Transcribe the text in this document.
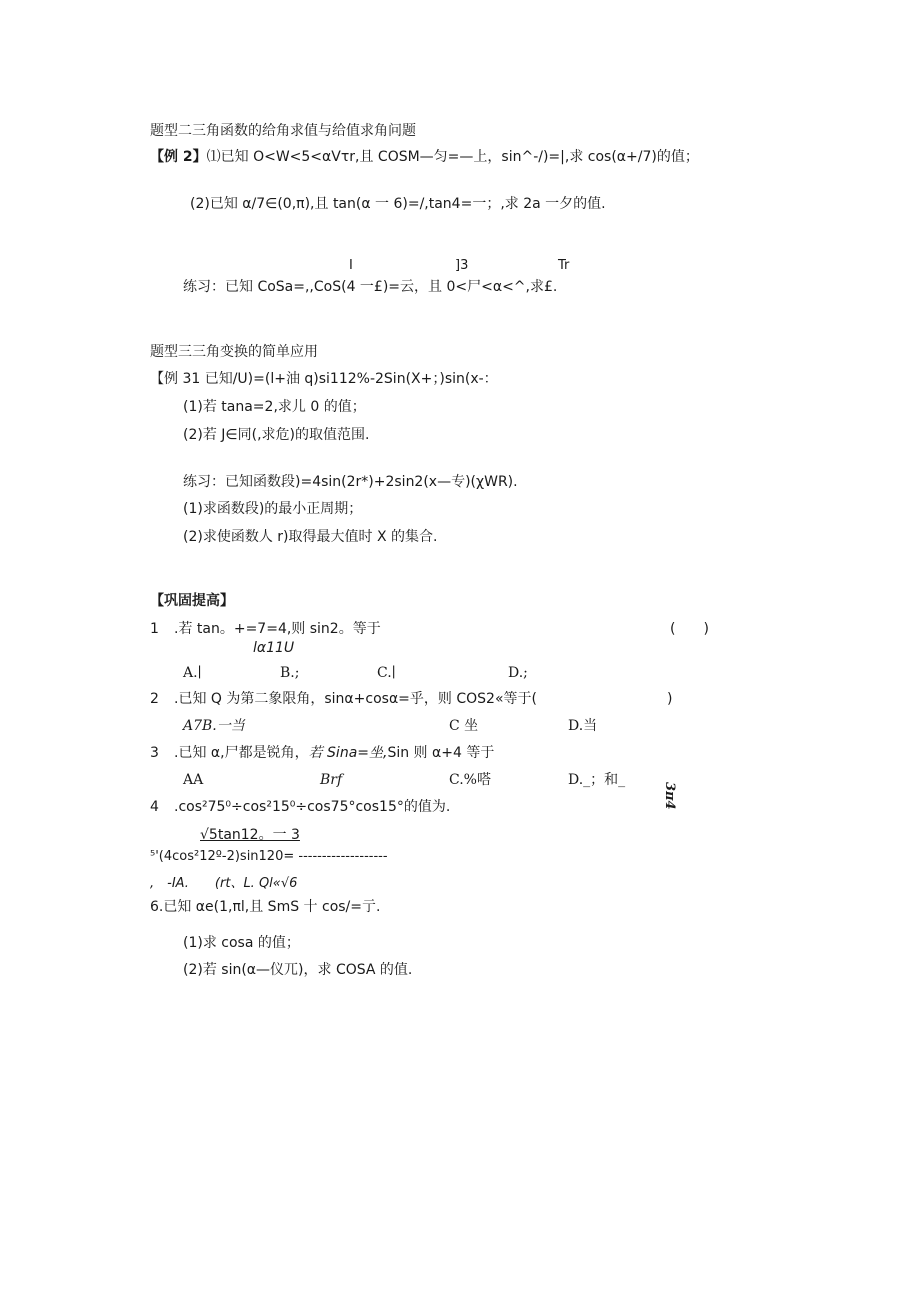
题型二三角函数的给角求值与给值求角问题
【例 2】⑴已知 O<W<5<αVτr,且 COSM—匀=—上，sin^-/)=|,求 cos(α+/7)的值；
(2)已知 α/7∈(0,π),且 tan(α 一 6)=/,tan4=一；,求 2a 一夕的值.
I	]3	Tr
练习：已知 CoSa=,,CoS(4 一£)=云，且 0<尸<α<^,求£.
题型三三角变换的简单应用
【例 31 已知/U)=(l+油 q)si112%-2Sin(X+；)sin(x-：
(1)若 tana=2,求儿 0 的值；
(2)若 J∈同(,求危)的取值范围.
练习：已知函数段)=4sin(2r*)+2sin2(x—专)(χWR).
(1)求函数段)的最小正周期；
(2)求使函数人 r)取得最大值时 X 的集合.
【巩固提高】
1 .若 tan。+=7=4,则 sin2。等于	(　　)
lα11U
A.∣	B.;	C.∣	D.;
2 .已知 Q 为第二象限角，sinα+cosα=乎，则 COS2«等于(	)
A7B.一当	C 坐	D.当
3 .已知 α,尸都是锐角，若 Sina=坐,Sin 则 α+4 等于
AA	Brf	C.%嗒	D._；和_
3π4
4 .cos²75⁰÷cos²15⁰÷cos75°cos15°的值为.
√5tan12。一 3
⁵'(4cos²12º-2)sin120= -------------------
,　-IA.　　(rt、L. Ql«√6
6.已知 αe(1,πl,且 SmS 十 cos/=亍.
(1)求 cosa 的值；
(2)若 sin(α—仪兀)，求 COSA 的值.
